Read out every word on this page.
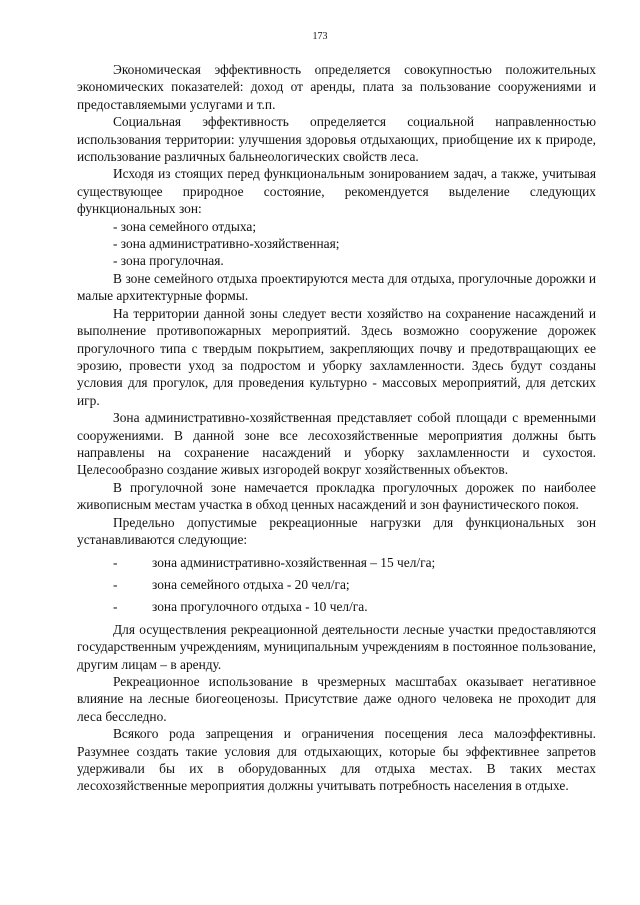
173

Экономическая эффективность определяется совокупностью положительных экономических показателей: доход от аренды, плата за пользование сооружениями и предоставляемыми услугами и т.п.

Социальная эффективность определяется социальной направленностью использования территории: улучшения здоровья отдыхающих, приобщение их к природе, использование различных бальнеологических свойств леса.

Исходя из стоящих перед функциональным зонированием задач, а также, учитывая существующее природное состояние, рекомендуется выделение следующих функциональных зон:

- зона семейного отдыха;

- зона административно-хозяйственная;

- зона прогулочная.

В зоне семейного отдыха проектируются места для отдыха, прогулочные дорожки и малые архитектурные формы.

На территории данной зоны следует вести хозяйство на сохранение насаждений и выполнение противопожарных мероприятий. Здесь возможно сооружение дорожек прогулочного типа с твердым покрытием, закрепляющих почву и предотвращающих ее эрозию, провести уход за подростом и уборку захламленности. Здесь будут созданы условия для прогулок, для проведения культурно - массовых мероприятий, для детских игр.

Зона административно-хозяйственная представляет собой площади с временными сооружениями. В данной зоне все лесохозяйственные мероприятия должны быть направлены на сохранение насаждений и уборку захламленности и сухостоя. Целесообразно создание живых изгородей вокруг хозяйственных объектов.

В прогулочной зоне намечается прокладка прогулочных дорожек по наиболее живописным местам участка в обход ценных насаждений и зон фаунистического покоя.

Предельно допустимые рекреационные нагрузки для функциональных зон устанавливаются следующие:

-	зона административно-хозяйственная – 15 чел/га;
-	зона семейного отдыха - 20 чел/га;
-	зона прогулочного отдыха - 10 чел/га.

Для осуществления рекреационной деятельности лесные участки предоставляются государственным учреждениям, муниципальным учреждениям в постоянное пользование, другим лицам – в аренду.

Рекреационное использование в чрезмерных масштабах оказывает негативное влияние на лесные биогеоценозы. Присутствие даже одного человека не проходит для леса бесследно.

Всякого рода запрещения и ограничения посещения леса малоэффективны. Разумнее создать такие условия для отдыхающих, которые бы эффективнее запретов удерживали бы их в оборудованных для отдыха местах. В таких местах лесохозяйственные мероприятия должны учитывать потребность населения в отдыхе.
